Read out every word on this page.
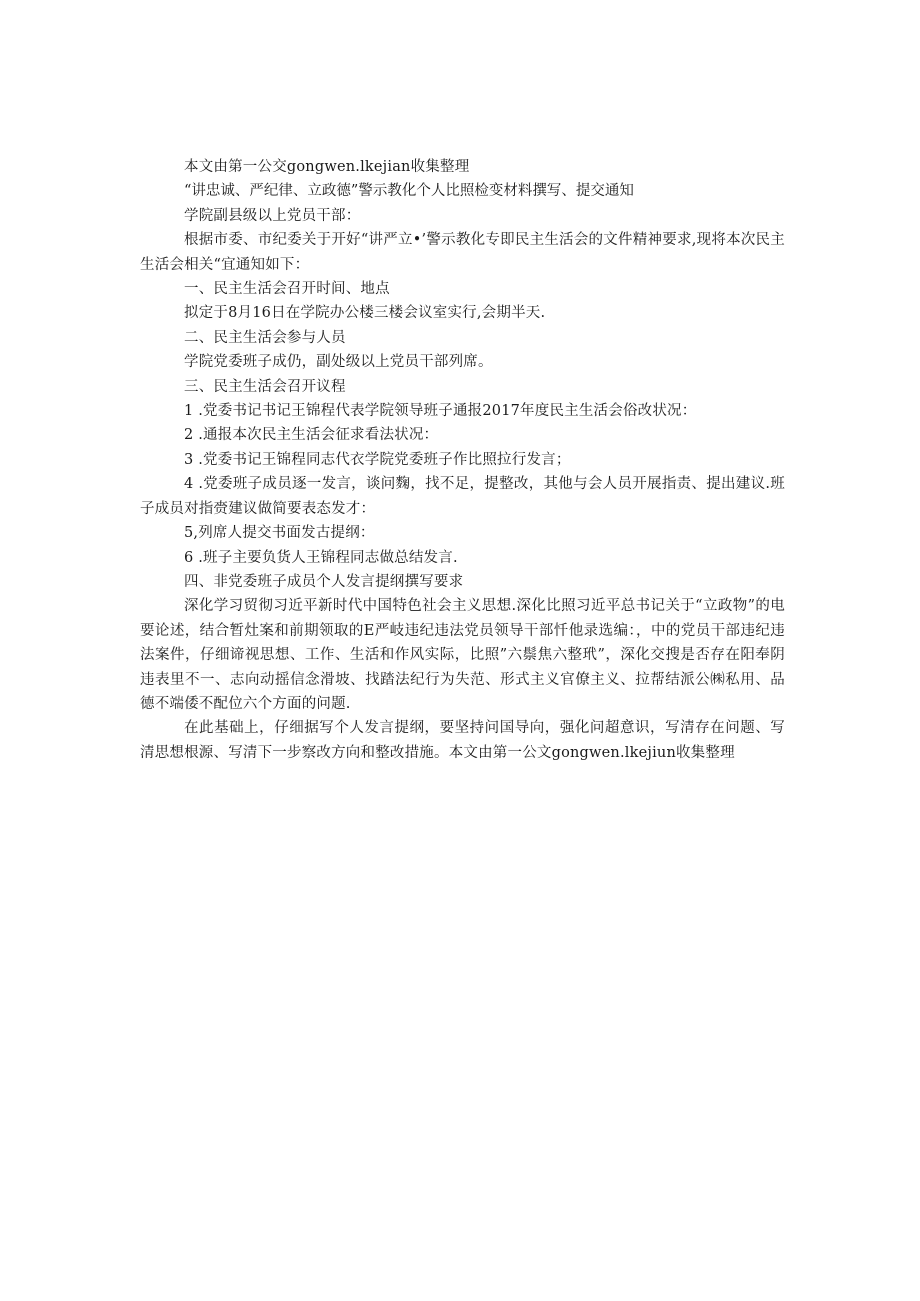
本文由第一公交gongwen.lkejian收集整理

“讲忠诚、严纪律、立政德”警示教化个人比照检变材料撰写、提交通知

学院副县级以上党员干部：

根据市委、市纪委关于开好“讲严立•’警示教化专即民主生活会的文件精神要求,现将本次民主生活会相关“宜通知如下：

一、民主生活会召开时间、地点

拟定于8月16日在学院办公楼三楼会议室实行,会期半天.

二、民主生活会参与人员

学院党委班子成仍，副处级以上党员干部列席。

三、民主生活会召开议程

1 .党委书记书记王锦程代表学院领导班子通报2017年度民主生活会俗改状况：

2 .通报本次民主生活会征求看法状况：

3 .党委书记王锦程同志代衣学院党委班子作比照拉行发言；

4 .党委班子成员逐一发言，谈问麴，找不足，提整改，其他与会人员开展指责、提出建议.班子成员对指赍建议做简要表态发才：

5,列席人提交书面发古提纲：

6 .班子主要负货人王锦程同志做总结发言.

四、非党委班子成员个人发言提纲撰写要求

深化学习贸彻习近平新时代中国特色社会主义思想.深化比照习近平总书记关于“立政物”的电要论述，结合暂灶案和前期领取的E严岐违纪违法党员领导干部忏他录选编：，中的党员干部违纪违法案件，仔细谛视思想、工作、生活和作风实际，比照”六鬃焦六整玳”，深化交搜是否存在阳奉阴违表里不一、志向动摇信念滑坡、找踏法纪行为失范、形式主义官僚主义、拉帮结派公㈱私用、品德不端倭不配位六个方面的问题.

在此基础上，仔细据写个人发言提纲，要坚持问国导向，强化问超意识，写清存在问题、写清思想根源、写清下一步察改方向和整改措施。本文由第一公文gongwen.lkejiun收集整理
